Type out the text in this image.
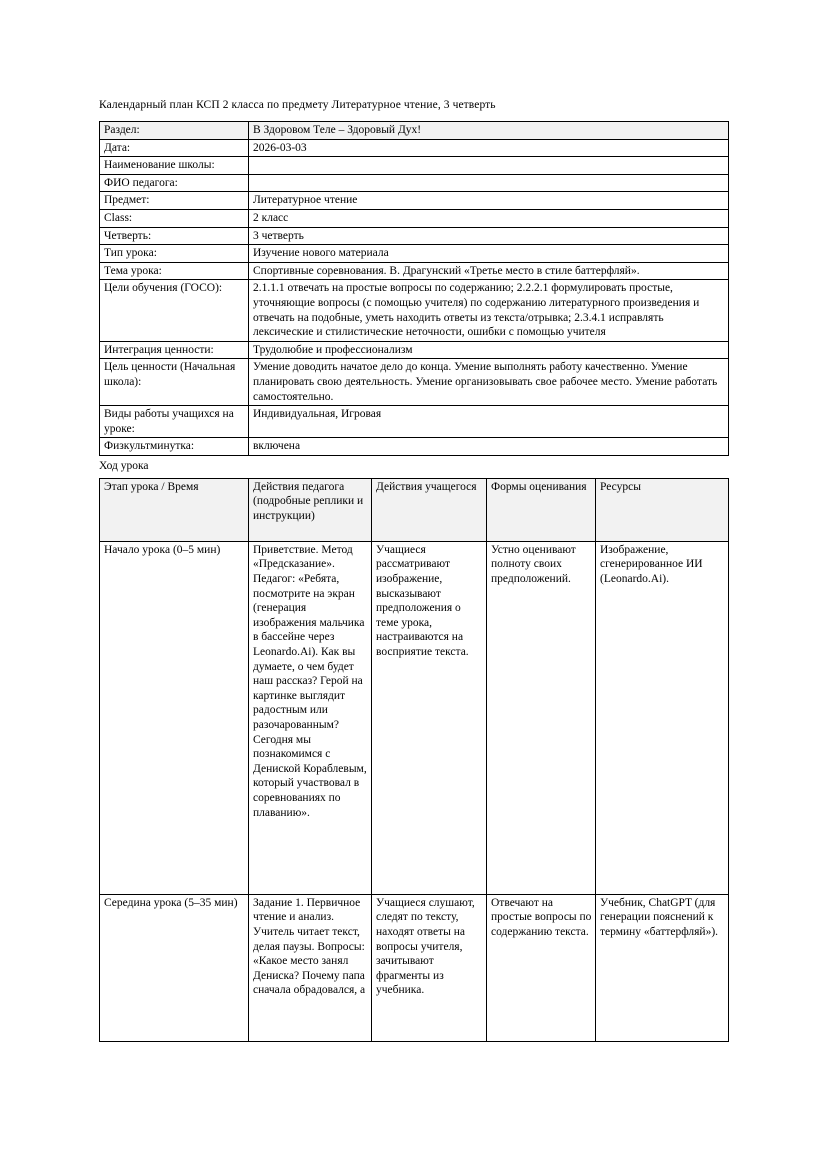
Календарный план КСП 2 класса по предмету Литературное чтение, 3 четверть

Раздел:	В Здоровом Теле – Здоровый Дух!
Дата:	2026-03-03
Наименование школы:	
ФИО педагога:	
Предмет:	Литературное чтение
Class:	2 класс
Четверть:	3 четверть
Тип урока:	Изучение нового материала
Тема урока:	Спортивные соревнования. В. Драгунский «Третье место в стиле баттерфляй».
Цели обучения (ГОСО):	2.1.1.1 отвечать на простые вопросы по содержанию; 2.2.2.1 формулировать простые, уточняющие вопросы (с помощью учителя) по содержанию литературного произведения и отвечать на подобные, уметь находить ответы из текста/отрывка; 2.3.4.1 исправлять лексические и стилистические неточности, ошибки с помощью учителя
Интеграция ценности:	Трудолюбие и профессионализм
Цель ценности (Начальная школа):	Умение доводить начатое дело до конца. Умение выполнять работу качественно. Умение планировать свою деятельность. Умение организовывать свое рабочее место. Умение работать самостоятельно.
Виды работы учащихся на уроке:	Индивидуальная, Игровая
Физкультминутка:	включена

Ход урока

Этап урока / Время	Действия педагога (подробные реплики и инструкции)	Действия учащегося	Формы оценивания	Ресурсы
Начало урока (0–5 мин)	Приветствие. Метод «Предсказание». Педагог: «Ребята, посмотрите на экран (генерация изображения мальчика в бассейне через Leonardo.Ai). Как вы думаете, о чем будет наш рассказ? Герой на картинке выглядит радостным или разочарованным? Сегодня мы познакомимся с Дениской Кораблевым, который участвовал в соревнованиях по плаванию».	Учащиеся рассматривают изображение, высказывают предположения о теме урока, настраиваются на восприятие текста.	Устно оценивают полноту своих предположений.	Изображение, сгенерированное ИИ (Leonardo.Ai).
Середина урока (5–35 мин)	Задание 1. Первичное чтение и анализ. Учитель читает текст, делая паузы. Вопросы: «Какое место занял Дениска? Почему папа сначала обрадовался, а	Учащиеся слушают, следят по тексту, находят ответы на вопросы учителя, зачитывают фрагменты из учебника.	Отвечают на простые вопросы по содержанию текста.	Учебник, ChatGPT (для генерации пояснений к термину «баттерфляй»).
